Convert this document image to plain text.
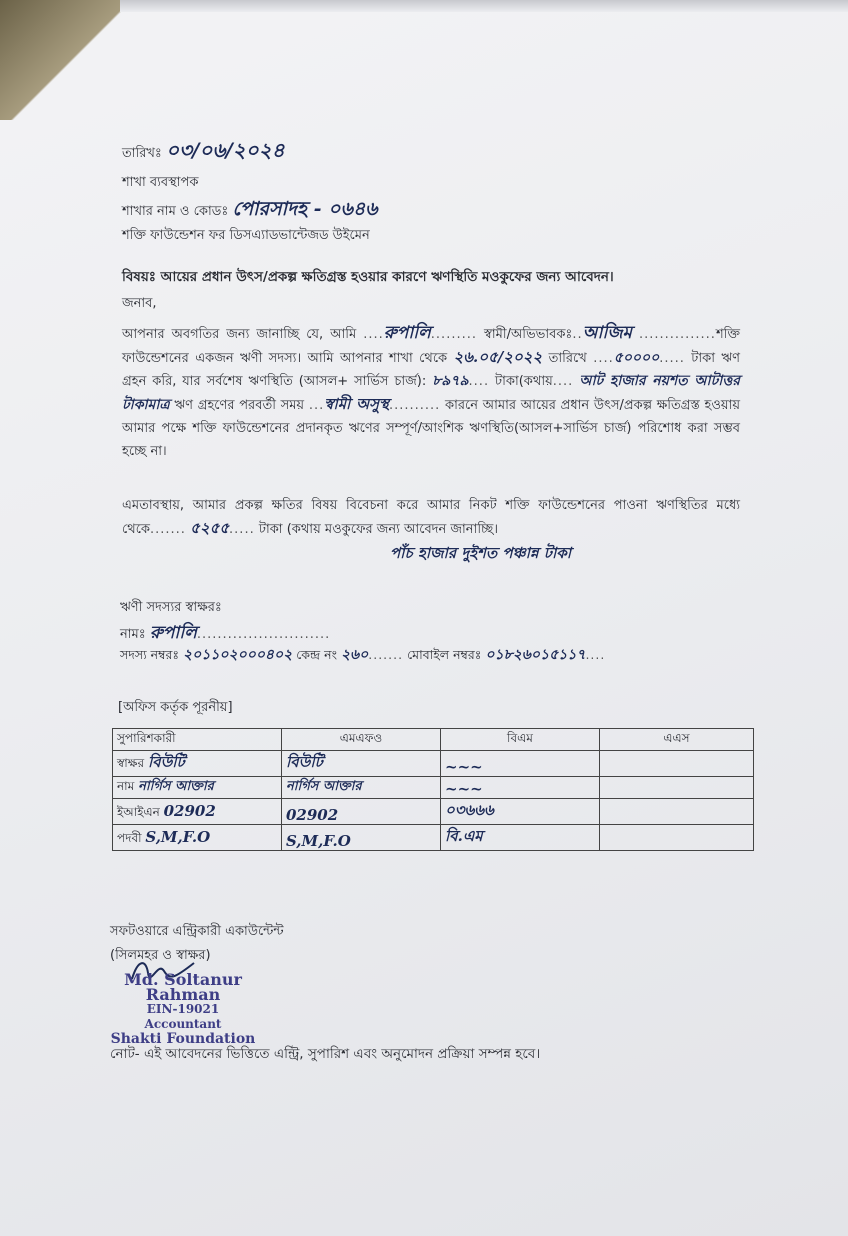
তারিখঃ ০৩/০৬/২০২৪
শাখা ব্যবস্থাপক
শাখার নাম ও কোডঃ পোরসাদহ - ০৬৪৬
শক্তি ফাউন্ডেশন ফর ডিসএ্যাডভান্টেজড উইমেন
বিষয়ঃ আয়ের প্রধান উৎস/প্রকল্প ক্ষতিগ্রস্ত হওয়ার কারণে ঋণস্থিতি মওকুফের জন্য আবেদন।
জনাব,
আপনার অবগতির জন্য জানাচ্ছি যে, আমি ....রুপালি......... স্বামী/অভিভাবকঃ..আজিম ...............শক্তি ফাউন্ডেশনের একজন ঋণী সদস্য। আমি আপনার শাখা থেকে ২৬.০৫/২০২২ তারিখে ....৫০০০০..... টাকা ঋণ গ্রহন করি, যার সর্বশেষ ঋণস্থিতি (আসল+ সার্ভিস চার্জ): ৮৯৭৯.... টাকা(কথায়.... আট হাজার নয়শত আটাত্তর টাকামাত্র ঋণ গ্রহণের পরবর্তী সময় ...স্বামী অসুস্থ.......... কারনে আমার আয়ের প্রধান উৎস/প্রকল্প ক্ষতিগ্রস্ত হওয়ায় আমার পক্ষে শক্তি ফাউন্ডেশনের প্রদানকৃত ঋণের সম্পূর্ণ/আংশিক ঋণস্থিতি(আসল+সার্ভিস চার্জ) পরিশোধ করা সম্ভব হচ্ছে না।
এমতাবস্থায়, আমার প্রকল্প ক্ষতির বিষয় বিবেচনা করে আমার নিকট শক্তি ফাউন্ডেশনের পাওনা ঋণস্থিতির মধ্যে থেকে....... ৫২৫৫..... টাকা (কথায় মওকুফের জন্য আবেদন জানাচ্ছি।
পাঁচ হাজার দুইশত পঞ্চান্ন টাকা
ঋণী সদস্যর স্বাক্ষরঃ
নামঃ রুপালি..........................
সদস্য নম্বরঃ ২০১১০২০০০৪০২ কেন্দ্র নং ২৬০....... মোবাইল নম্বরঃ ০১৮২৬০১৫১১৭....
[অফিস কর্তৃক পূরনীয়]
সুপারিশকারী	এমএফও	বিএম	এএস
স্বাক্ষর বিউটি	বিউটি	~~~	
নাম নার্গিস আক্তার	নার্গিস আক্তার	~~~	
ইআইএন 02902	02902	০৩৬৬৬	
পদবী S,M,F.O	S,M,F.O	বি.এম	
সফটওয়ারে এন্ট্রিকারী একাউন্টেন্ট
(সিলমহর ও স্বাক্ষর)
Md. Soltanur Rahman
EIN-19021
Accountant
Shakti Foundation
নোট- এই আবেদনের ভিত্তিতে এন্ট্রি, সুপারিশ এবং অনুমোদন প্রক্রিয়া সম্পন্ন হবে।
